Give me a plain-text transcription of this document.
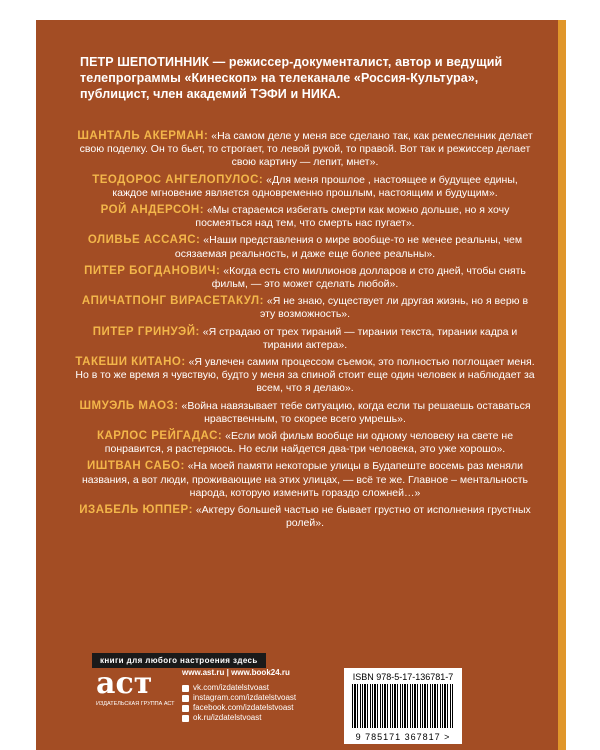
ПЕТР ШЕПОТИННИК — режиссер-документалист, автор и ведущий телепрограммы «Кинескоп» на телеканале «Россия-Культура», публицист, член академий ТЭФИ и НИКА.

ШАНТАЛЬ АКЕРМАН: «На самом деле у меня все сделано так, как ремесленник делает свою поделку. Он то бьет, то строгает, то левой рукой, то правой. Вот так и режиссер делает свою картину — лепит, мнет».

ТЕОДОРОС АНГЕЛОПУЛОС: «Для меня прошлое , настоящее и будущее едины, каждое мгновение является одновременно прошлым, настоящим и будущим».

РОЙ АНДЕРСОН: «Мы стараемся избегать смерти как можно дольше, но я хочу посмеяться над тем, что смерть нас пугает».

ОЛИВЬЕ АССАЯС: «Наши представления о мире вообще-то не менее реальны, чем осязаемая реальность, и даже еще более реальны».

ПИТЕР БОГДАНОВИЧ: «Когда есть сто миллионов долларов и сто дней, чтобы снять фильм, — это может сделать любой».

АПИЧАТПОНГ ВИРАСЕТАКУЛ: «Я не знаю, существует ли другая жизнь, но я верю в эту возможность».

ПИТЕР ГРИНУЭЙ: «Я страдаю от трех тираний — тирании текста, тирании кадра и тирании актера».

ТАКЕШИ КИТАНО: «Я увлечен самим процессом съемок, это полностью поглощает меня. Но в то же время я чувствую, будто у меня за спиной стоит еще один человек и наблюдает за всем, что я делаю».

ШМУЭЛЬ МАОЗ: «Война навязывает тебе ситуацию, когда если ты решаешь оставаться нравственным, то скорее всего умрешь».

КАРЛОС РЕЙГАДАС: «Если мой фильм вообще ни одному человеку на свете не понравится, я растеряюсь. Но если найдется два-три человека, это уже хорошо».

ИШТВАН САБО: «На моей памяти некоторые улицы в Будапеште восемь раз меняли названия, а вот люди, проживающие на этих улицах, — всё те же. Главное – ментальность народа, которую изменить гораздо сложней…»

ИЗАБЕЛЬ ЮППЕР: «Актеру большей частью не бывает грустно от исполнения грустных ролей».

книги для любого настроения здесь
аст
ИЗДАТЕЛЬСКАЯ ГРУППА АСТ
www.ast.ru | www.book24.ru
vk.com/izdatelstvoast
instagram.com/izdatelstvoast
facebook.com/izdatelstvoast
ok.ru/izdatelstvoast
ISBN 978-5-17-136781-7
9 785171 367817 >
